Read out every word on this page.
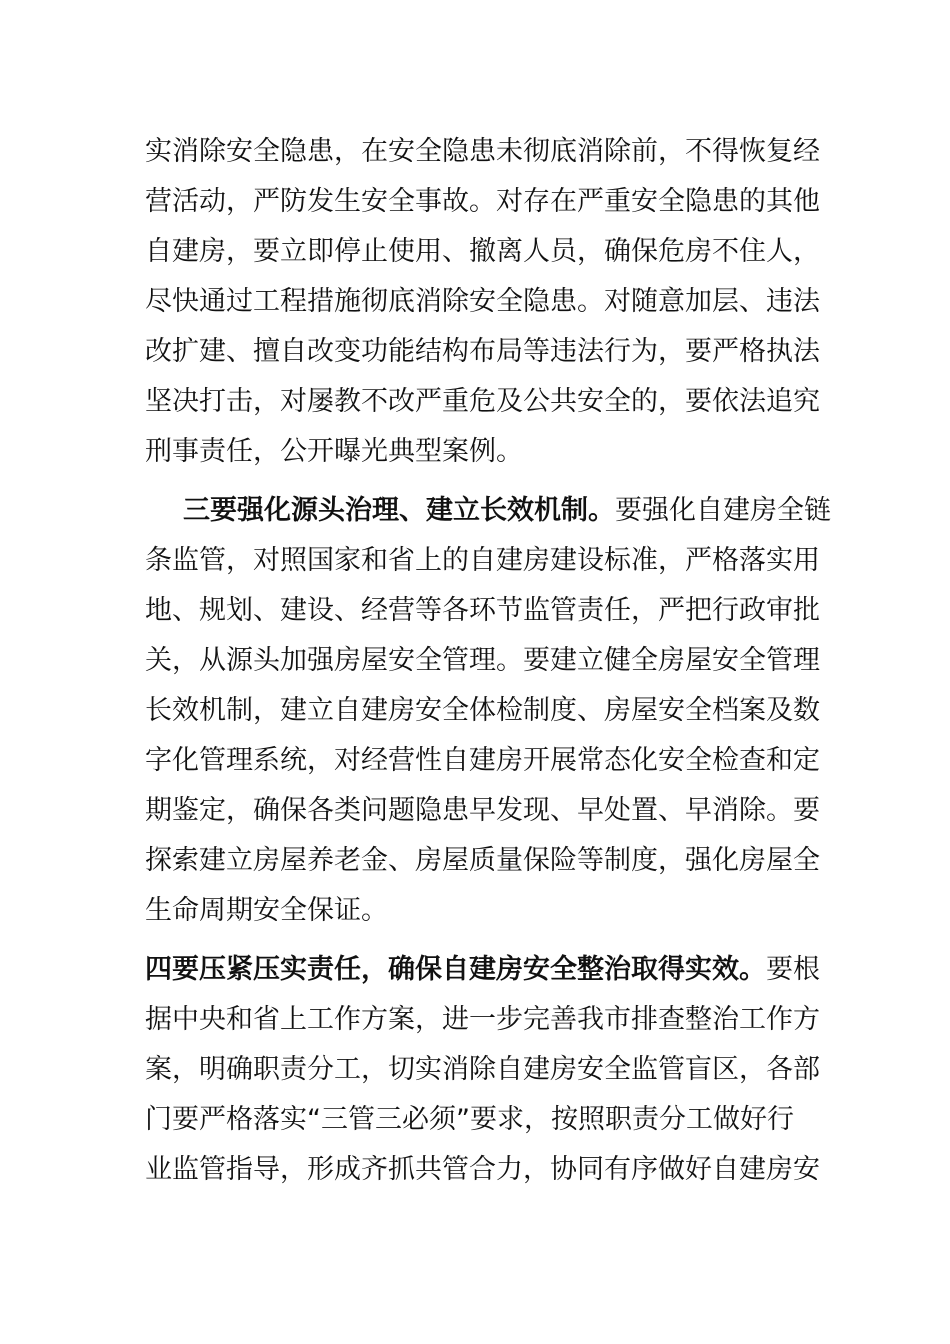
实消除安全隐患，在安全隐患未彻底消除前，不得恢复经
营活动，严防发生安全事故。对存在严重安全隐患的其他
自建房，要立即停止使用、撤离人员，确保危房不住人，
尽快通过工程措施彻底消除安全隐患。对随意加层、违法
改扩建、擅自改变功能结构布局等违法行为，要严格执法
坚决打击，对屡教不改严重危及公共安全的，要依法追究
刑事责任，公开曝光典型案例。
三要强化源头治理、建立长效机制。要强化自建房全链
条监管，对照国家和省上的自建房建设标准，严格落实用
地、规划、建设、经营等各环节监管责任，严把行政审批
关，从源头加强房屋安全管理。要建立健全房屋安全管理
长效机制，建立自建房安全体检制度、房屋安全档案及数
字化管理系统，对经营性自建房开展常态化安全检查和定
期鉴定，确保各类问题隐患早发现、早处置、早消除。要
探索建立房屋养老金、房屋质量保险等制度，强化房屋全
生命周期安全保证。
四要压紧压实责任，确保自建房安全整治取得实效。要根
据中央和省上工作方案，进一步完善我市排查整治工作方
案，明确职责分工，切实消除自建房安全监管盲区，各部
门要严格落实“三管三必须”要求，按照职责分工做好行
业监管指导，形成齐抓共管合力，协同有序做好自建房安
